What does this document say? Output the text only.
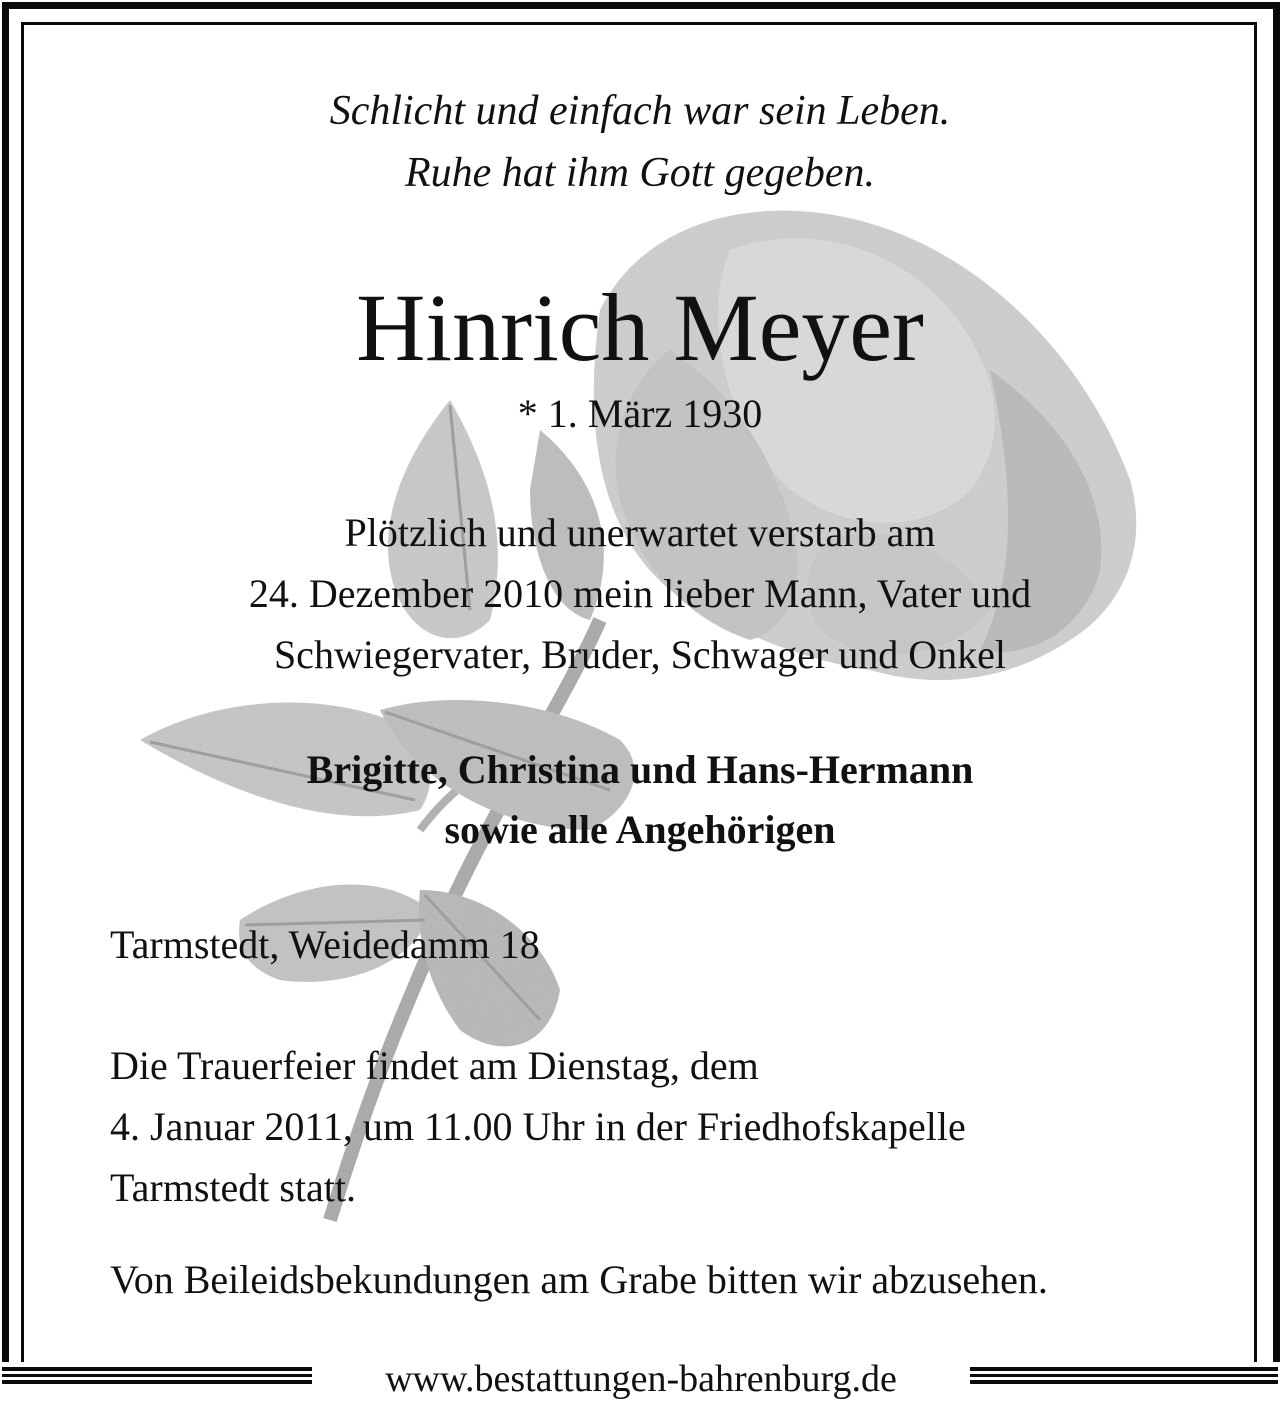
Schlicht und einfach war sein Leben.
Ruhe hat ihm Gott gegeben.
Hinrich Meyer
* 1. März 1930
Plötzlich und unerwartet verstarb am
24. Dezember 2010 mein lieber Mann, Vater und
Schwiegervater, Bruder, Schwager und Onkel
Brigitte, Christina und Hans-Hermann
sowie alle Angehörigen
Tarmstedt, Weidedamm 18
Die Trauerfeier findet am Dienstag, dem
4. Januar 2011, um 11.00 Uhr in der Friedhofskapelle
Tarmstedt statt.
Von Beileidsbekundungen am Grabe bitten wir abzusehen.
www.bestattungen-bahrenburg.de
